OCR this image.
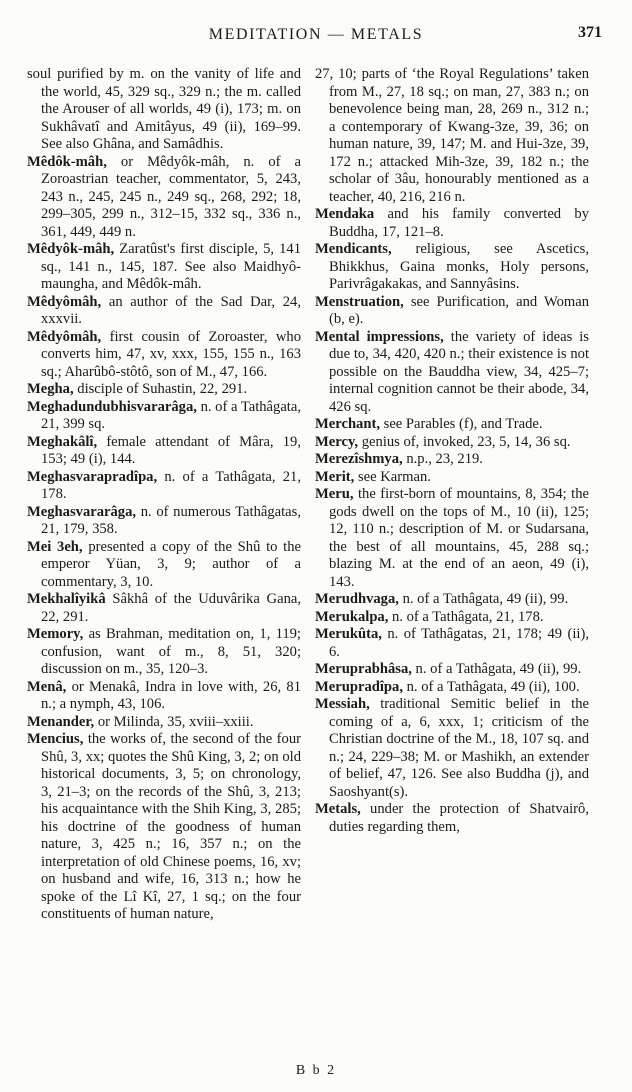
MEDITATION — METALS	371

soul purified by m. on the vanity of life and the world, 45, 329 sq., 329 n.; the m. called the Arouser of all worlds, 49 (i), 173; m. on Sukhâvatî and Amitâyus, 49 (ii), 169–99. See also Ghâna, and Samâdhis.

Mêdôk-mâh, or Mêdyôk-mâh, n. of a Zoroastrian teacher, commentator, 5, 243, 243 n., 245, 245 n., 249 sq., 268, 292; 18, 299–305, 299 n., 312–15, 332 sq., 336 n., 361, 449, 449 n.

Mêdyôk-mâh, Zaratûst's first disciple, 5, 141 sq., 141 n., 145, 187. See also Maidhyô-maungha, and Mêdôk-mâh.

Mêdyômâh, an author of the Sad Dar, 24, xxxvii.

Mêdyômâh, first cousin of Zoroaster, who converts him, 47, xv, xxx, 155, 155 n., 163 sq.; Aharûbô-stôtô, son of M., 47, 166.

Megha, disciple of Suhastin, 22, 291.

Meghadundubhisvararâga, n. of a Tathâgata, 21, 399 sq.

Meghakâlî, female attendant of Mâra, 19, 153; 49 (i), 144.

Meghasvarapradîpa, n. of a Tathâgata, 21, 178.

Meghasvararâga, n. of numerous Tathâgatas, 21, 179, 358.

Mei 3eh, presented a copy of the Shû to the emperor Yüan, 3, 9; author of a commentary, 3, 10.

Mekhalîyikâ Sâkhâ of the Uduvârika Gana, 22, 291.

Memory, as Brahman, meditation on, 1, 119; confusion, want of m., 8, 51, 320; discussion on m., 35, 120–3.

Menâ, or Menakâ, Indra in love with, 26, 81 n.; a nymph, 43, 106.

Menander, or Milinda, 35, xviii–xxiii.

Mencius, the works of, the second of the four Shû, 3, xx; quotes the Shû King, 3, 2; on old historical documents, 3, 5; on chronology, 3, 21–3; on the records of the Shû, 3, 213; his acquaintance with the Shih King, 3, 285; his doctrine of the goodness of human nature, 3, 425 n.; 16, 357 n.; on the interpretation of old Chinese poems, 16, xv; on husband and wife, 16, 313 n.; how he spoke of the Lî Kî, 27, 1 sq.; on the four constituents of human nature,

27, 10; parts of ‘the Royal Regulations’ taken from M., 27, 18 sq.; on man, 27, 383 n.; on benevolence being man, 28, 269 n., 312 n.; a contemporary of Kwang-3ze, 39, 36; on human nature, 39, 147; M. and Hui-3ze, 39, 172 n.; attacked Mih-3ze, 39, 182 n.; the scholar of 3âu, honourably mentioned as a teacher, 40, 216, 216 n.

Mendaka and his family converted by Buddha, 17, 121–8.

Mendicants, religious, see Ascetics, Bhikkhus, Gaina monks, Holy persons, Parivrâgakakas, and Sannyâsins.

Menstruation, see Purification, and Woman (b, e).

Mental impressions, the variety of ideas is due to, 34, 420, 420 n.; their existence is not possible on the Bauddha view, 34, 425–7; internal cognition cannot be their abode, 34, 426 sq.

Merchant, see Parables (f), and Trade.

Mercy, genius of, invoked, 23, 5, 14, 36 sq.

Merezîshmya, n.p., 23, 219.

Merit, see Karman.

Meru, the first-born of mountains, 8, 354; the gods dwell on the tops of M., 10 (ii), 125; 12, 110 n.; description of M. or Sudarsana, the best of all mountains, 45, 288 sq.; blazing M. at the end of an aeon, 49 (i), 143.

Merudhvaga, n. of a Tathâgata, 49 (ii), 99.

Merukalpa, n. of a Tathâgata, 21, 178.

Merukûta, n. of Tathâgatas, 21, 178; 49 (ii), 6.

Meruprabhâsa, n. of a Tathâgata, 49 (ii), 99.

Merupradîpa, n. of a Tathâgata, 49 (ii), 100.

Messiah, traditional Semitic belief in the coming of a, 6, xxx, 1; criticism of the Christian doctrine of the M., 18, 107 sq. and n.; 24, 229–38; M. or Mashikh, an extender of belief, 47, 126. See also Buddha (j), and Saoshyant(s).

Metals, under the protection of Shatvairô, duties regarding them,

B b 2
